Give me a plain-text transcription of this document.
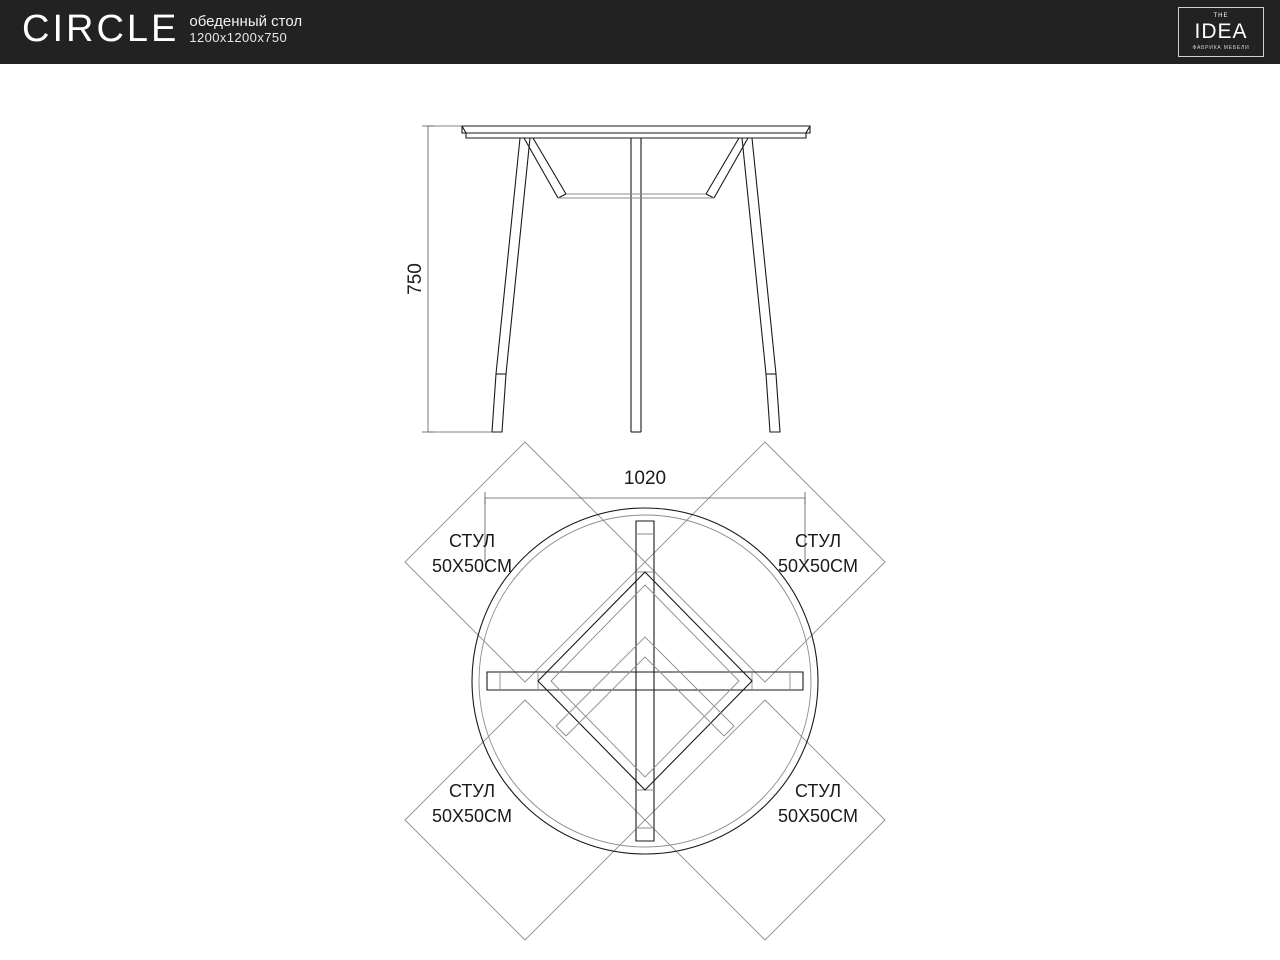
CIRCLE обеденный стол
1200x1200x750
THE
IDEA
ФАБРИКА МЕБЕЛИ
750
1020
СТУЛ
50X50CM
СТУЛ
50X50CM
СТУЛ
50X50CM
СТУЛ
50X50CM
